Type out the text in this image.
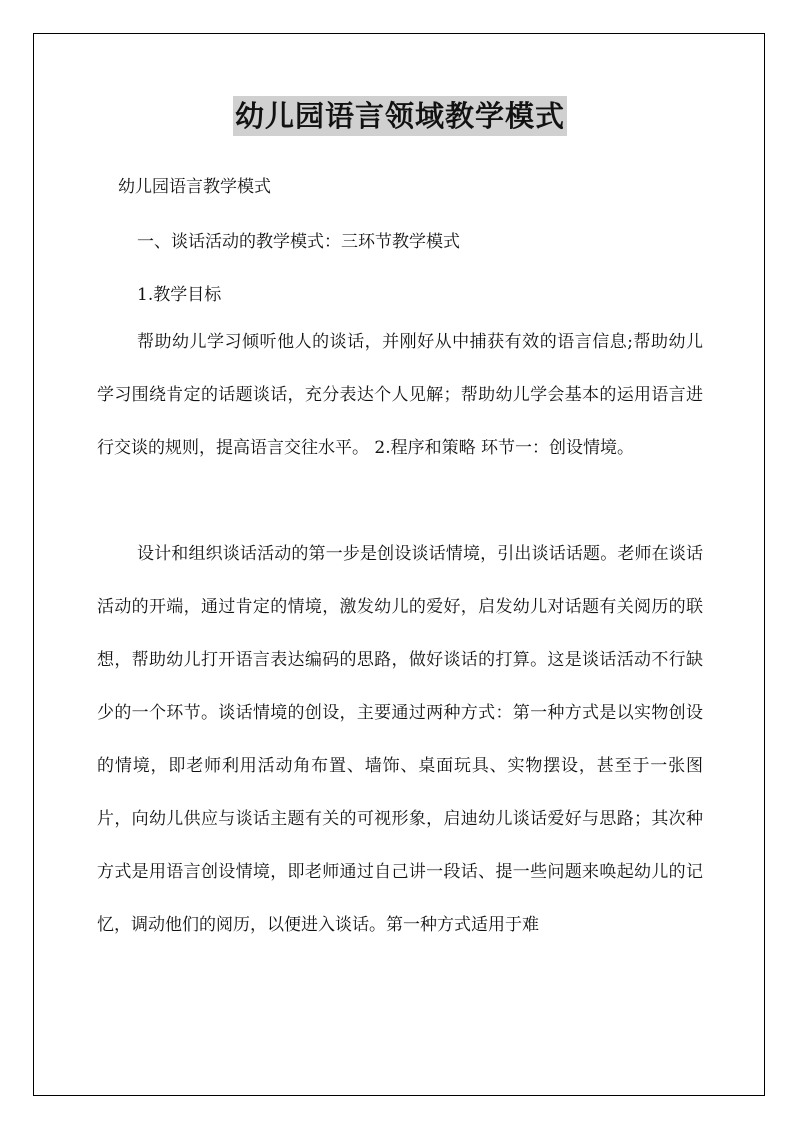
幼儿园语言领域教学模式
幼儿园语言教学模式
一、谈话活动的教学模式：三环节教学模式
1.教学目标

帮助幼儿学习倾听他人的谈话，并刚好从中捕获有效的语言信息;帮助幼儿学习围绕肯定的话题谈话，充分表达个人见解；帮助幼儿学会基本的运用语言进行交谈的规则，提高语言交往水平。 2.程序和策略 环节一：创设情境。

设计和组织谈话活动的第一步是创设谈话情境，引出谈话话题。老师在谈话活动的开端，通过肯定的情境，激发幼儿的爱好，启发幼儿对话题有关阅历的联想，帮助幼儿打开语言表达编码的思路，做好谈话的打算。这是谈话活动不行缺少的一个环节。谈话情境的创设，主要通过两种方式：第一种方式是以实物创设的情境，即老师利用活动角布置、墙饰、桌面玩具、实物摆设，甚至于一张图片，向幼儿供应与谈话主题有关的可视形象，启迪幼儿谈话爱好与思路；其次种方式是用语言创设情境，即老师通过自己讲一段话、提一些问题来唤起幼儿的记忆，调动他们的阅历，以便进入谈话。第一种方式适用于难
